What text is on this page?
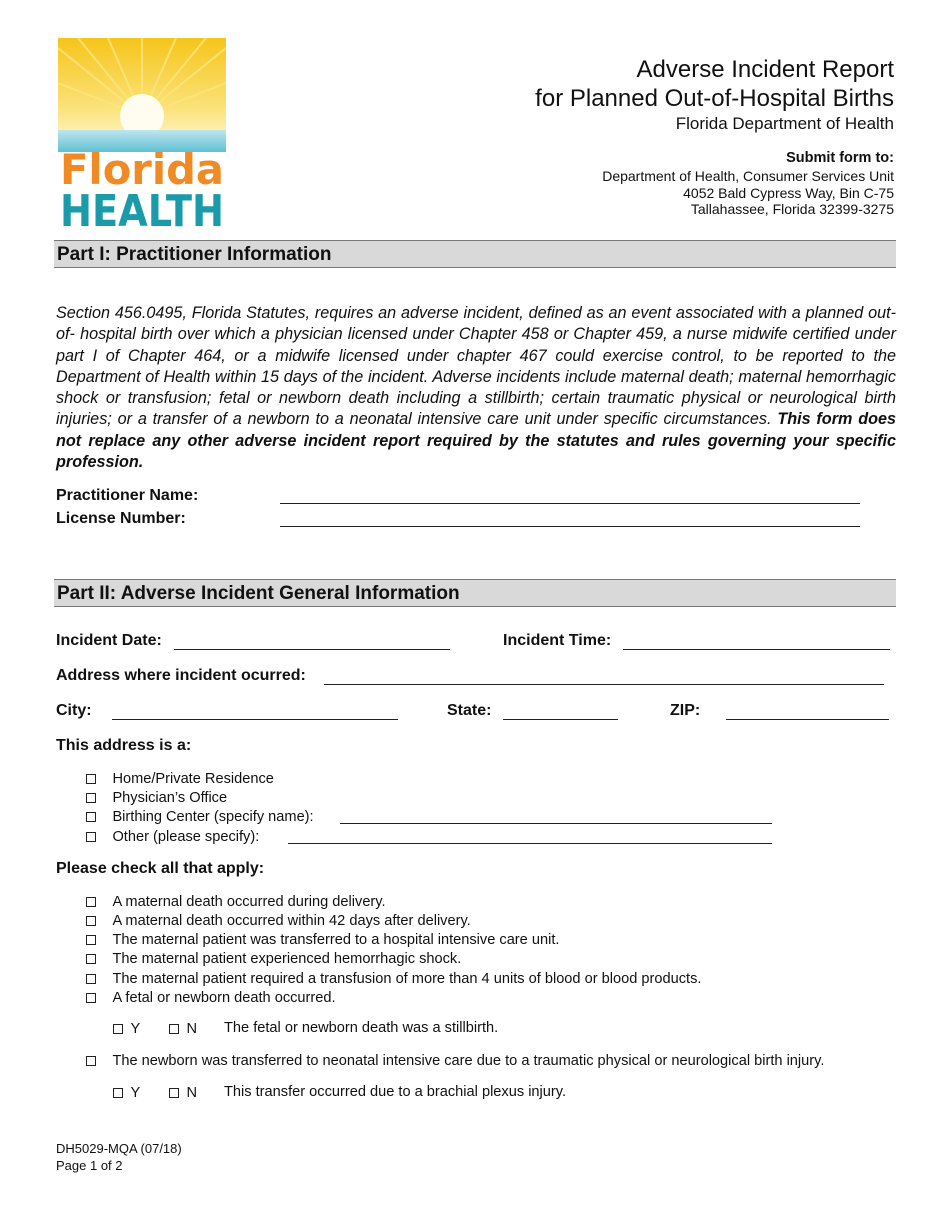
Florida
HEALTH
Adverse Incident Report
for Planned Out-of-Hospital Births
Florida Department of Health
Submit form to:
Department of Health, Consumer Services Unit
4052 Bald Cypress Way, Bin C-75
Tallahassee, Florida 32399-3275
Part I: Practitioner Information

Section 456.0495, Florida Statutes, requires an adverse incident, defined as an event associated with a planned out-of- hospital birth over which a physician licensed under Chapter 458 or Chapter 459, a nurse midwife certified under part I of Chapter 464, or a midwife licensed under chapter 467 could exercise control, to be reported to the Department of Health within 15 days of the incident. Adverse incidents include maternal death; maternal hemorrhagic shock or transfusion; fetal or newborn death including a stillbirth; certain traumatic physical or neurological birth injuries; or a transfer of a newborn to a neonatal intensive care unit under specific circumstances. This form does not replace any other adverse incident report required by the statutes and rules governing your specific profession.

Practitioner Name:
License Number:
Part II: Adverse Incident General Information
Incident Date:	Incident Time:
Address where incident ocurred:
City:	State:	ZIP:
This address is a:
Home/Private Residence
Physician’s Office
Birthing Center (specify name):
Other (please specify):
Please check all that apply:
A maternal death occurred during delivery.
A maternal death occurred within 42 days after delivery.
The maternal patient was transferred to a hospital intensive care unit.
The maternal patient experienced hemorrhagic shock.
The maternal patient required a transfusion of more than 4 units of blood or blood products.
A fetal or newborn death occurred.
Y	N The fetal or newborn death was a stillbirth.
The newborn was transferred to neonatal intensive care due to a traumatic physical or neurological birth injury.
Y	N This transfer occurred due to a brachial plexus injury.
DH5029-MQA (07/18)
Page 1 of 2
